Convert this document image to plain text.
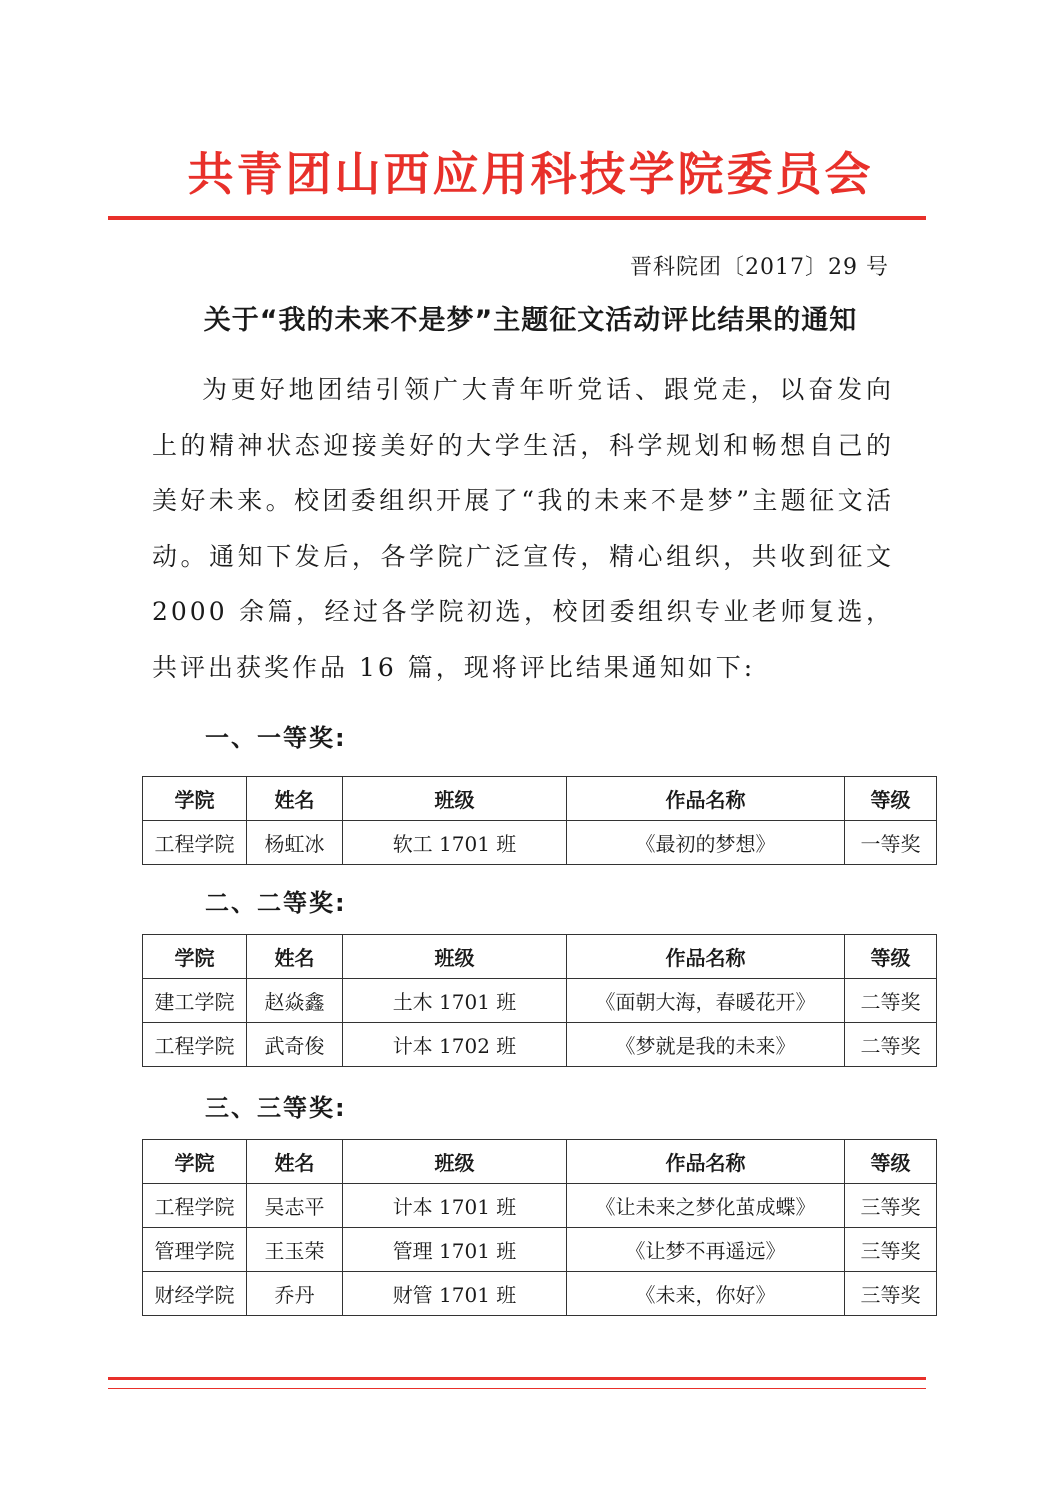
共青团山西应用科技学院委员会
晋科院团〔2017〕29 号
关于“我的未来不是梦”主题征文活动评比结果的通知
为更好地团结引领广大青年听党话、跟党走，以奋发向上的精神状态迎接美好的大学生活，科学规划和畅想自己的美好未来。校团委组织开展了“我的未来不是梦”主题征文活动。通知下发后，各学院广泛宣传，精心组织，共收到征文 2000 余篇，经过各学院初选，校团委组织专业老师复选，共评出获奖作品 16 篇，现将评比结果通知如下:
一、一等奖:
学院	姓名	班级	作品名称	等级
工程学院	杨虹冰	软工 1701 班	《最初的梦想》	一等奖
二、二等奖:
学院	姓名	班级	作品名称	等级
建工学院	赵焱鑫	土木 1701 班	《面朝大海，春暖花开》	二等奖
工程学院	武奇俊	计本 1702 班	《梦就是我的未来》	二等奖
三、三等奖:
学院	姓名	班级	作品名称	等级
工程学院	吴志平	计本 1701 班	《让未来之梦化茧成蝶》	三等奖
管理学院	王玉荣	管理 1701 班	《让梦不再遥远》	三等奖
财经学院	乔丹	财管 1701 班	《未来，你好》	三等奖
